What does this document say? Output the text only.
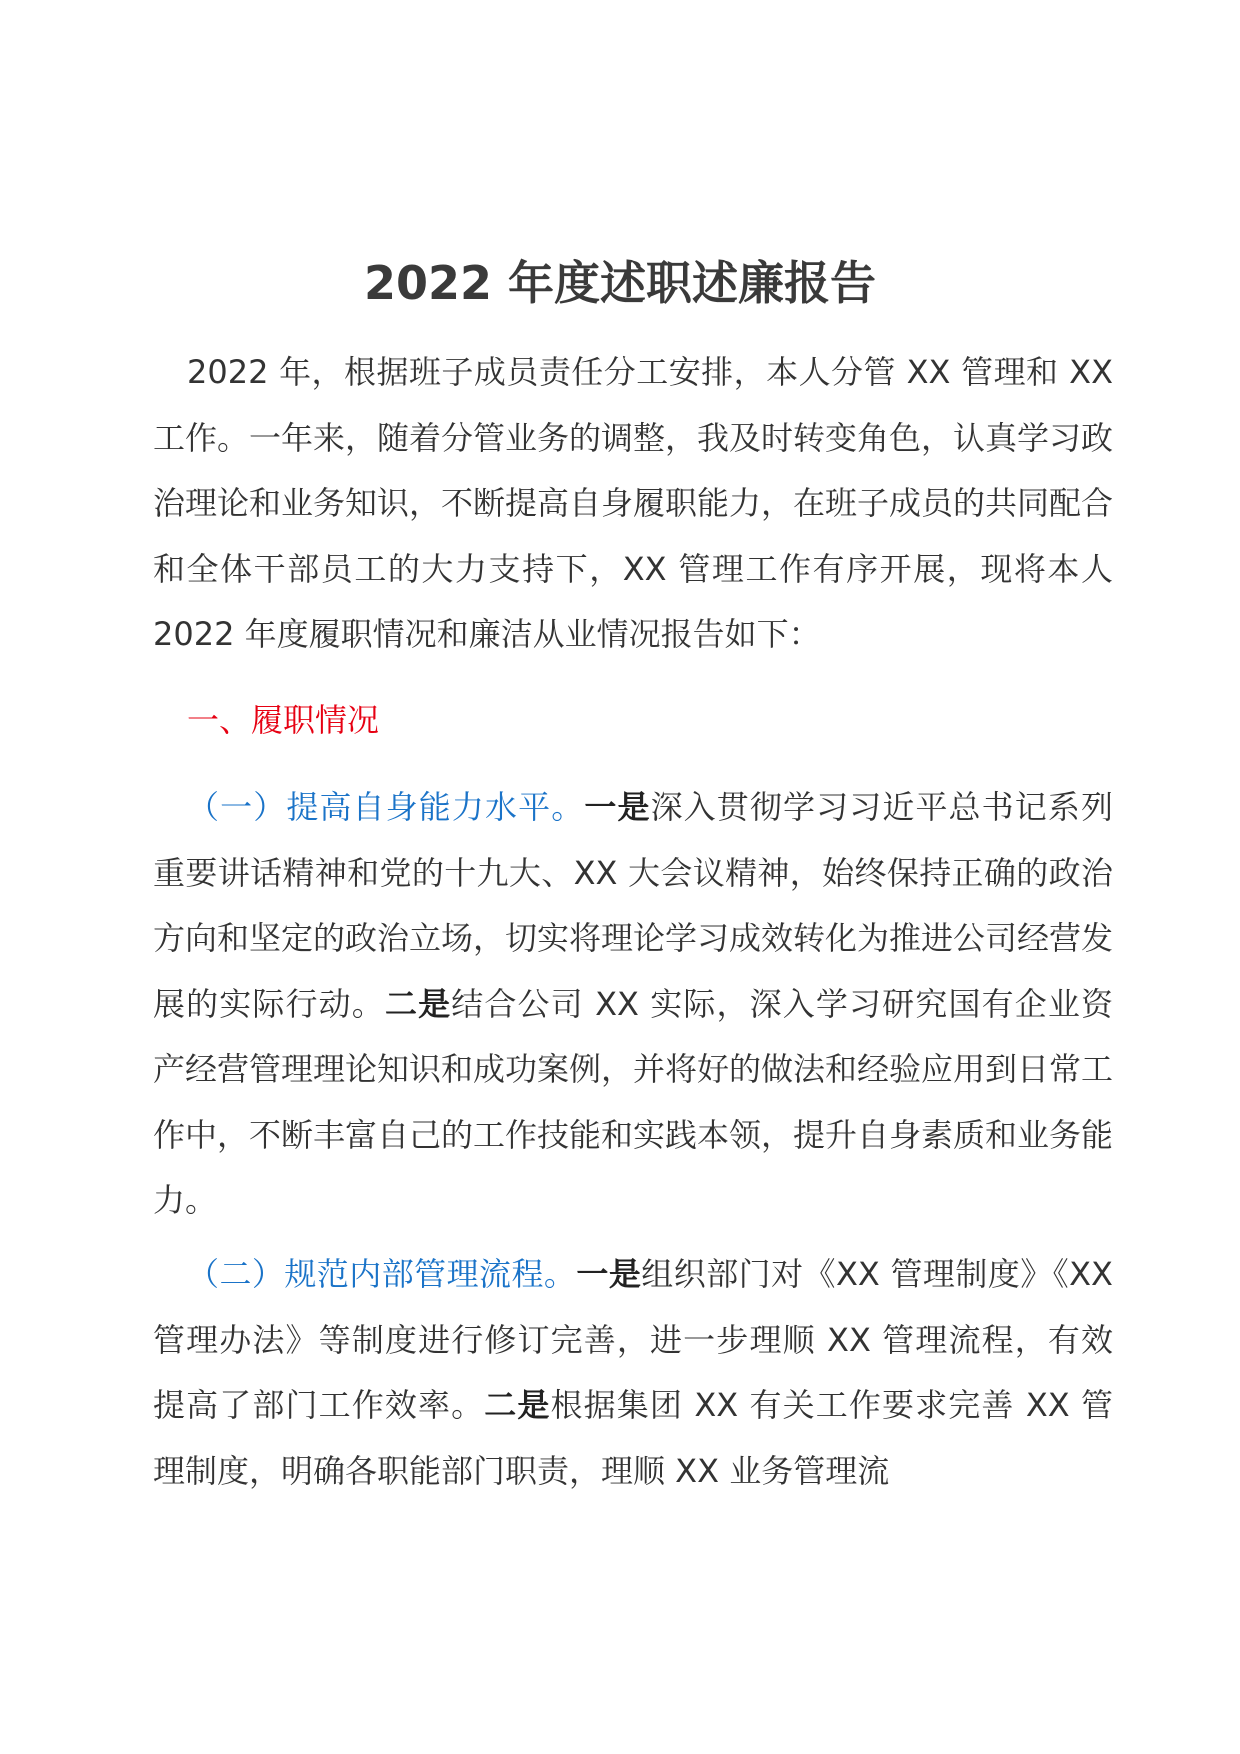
2022 年度述职述廉报告

2022 年，根据班子成员责任分工安排，本人分管 XX 管理和 XX 工作。一年来，随着分管业务的调整，我及时转变角色，认真学习政治理论和业务知识，不断提高自身履职能力，在班子成员的共同配合和全体干部员工的大力支持下，XX 管理工作有序开展，现将本人 2022 年度履职情况和廉洁从业情况报告如下：

一、履职情况

（一）提高自身能力水平。一是深入贯彻学习习近平总书记系列重要讲话精神和党的十九大、XX 大会议精神，始终保持正确的政治方向和坚定的政治立场，切实将理论学习成效转化为推进公司经营发展的实际行动。二是结合公司 XX 实际，深入学习研究国有企业资产经营管理理论知识和成功案例，并将好的做法和经验应用到日常工作中，不断丰富自己的工作技能和实践本领，提升自身素质和业务能力。

（二）规范内部管理流程。一是组织部门对《XX 管理制度》《XX 管理办法》等制度进行修订完善，进一步理顺 XX 管理流程，有效提高了部门工作效率。二是根据集团 XX 有关工作要求完善 XX 管理制度，明确各职能部门职责，理顺 XX 业务管理流
